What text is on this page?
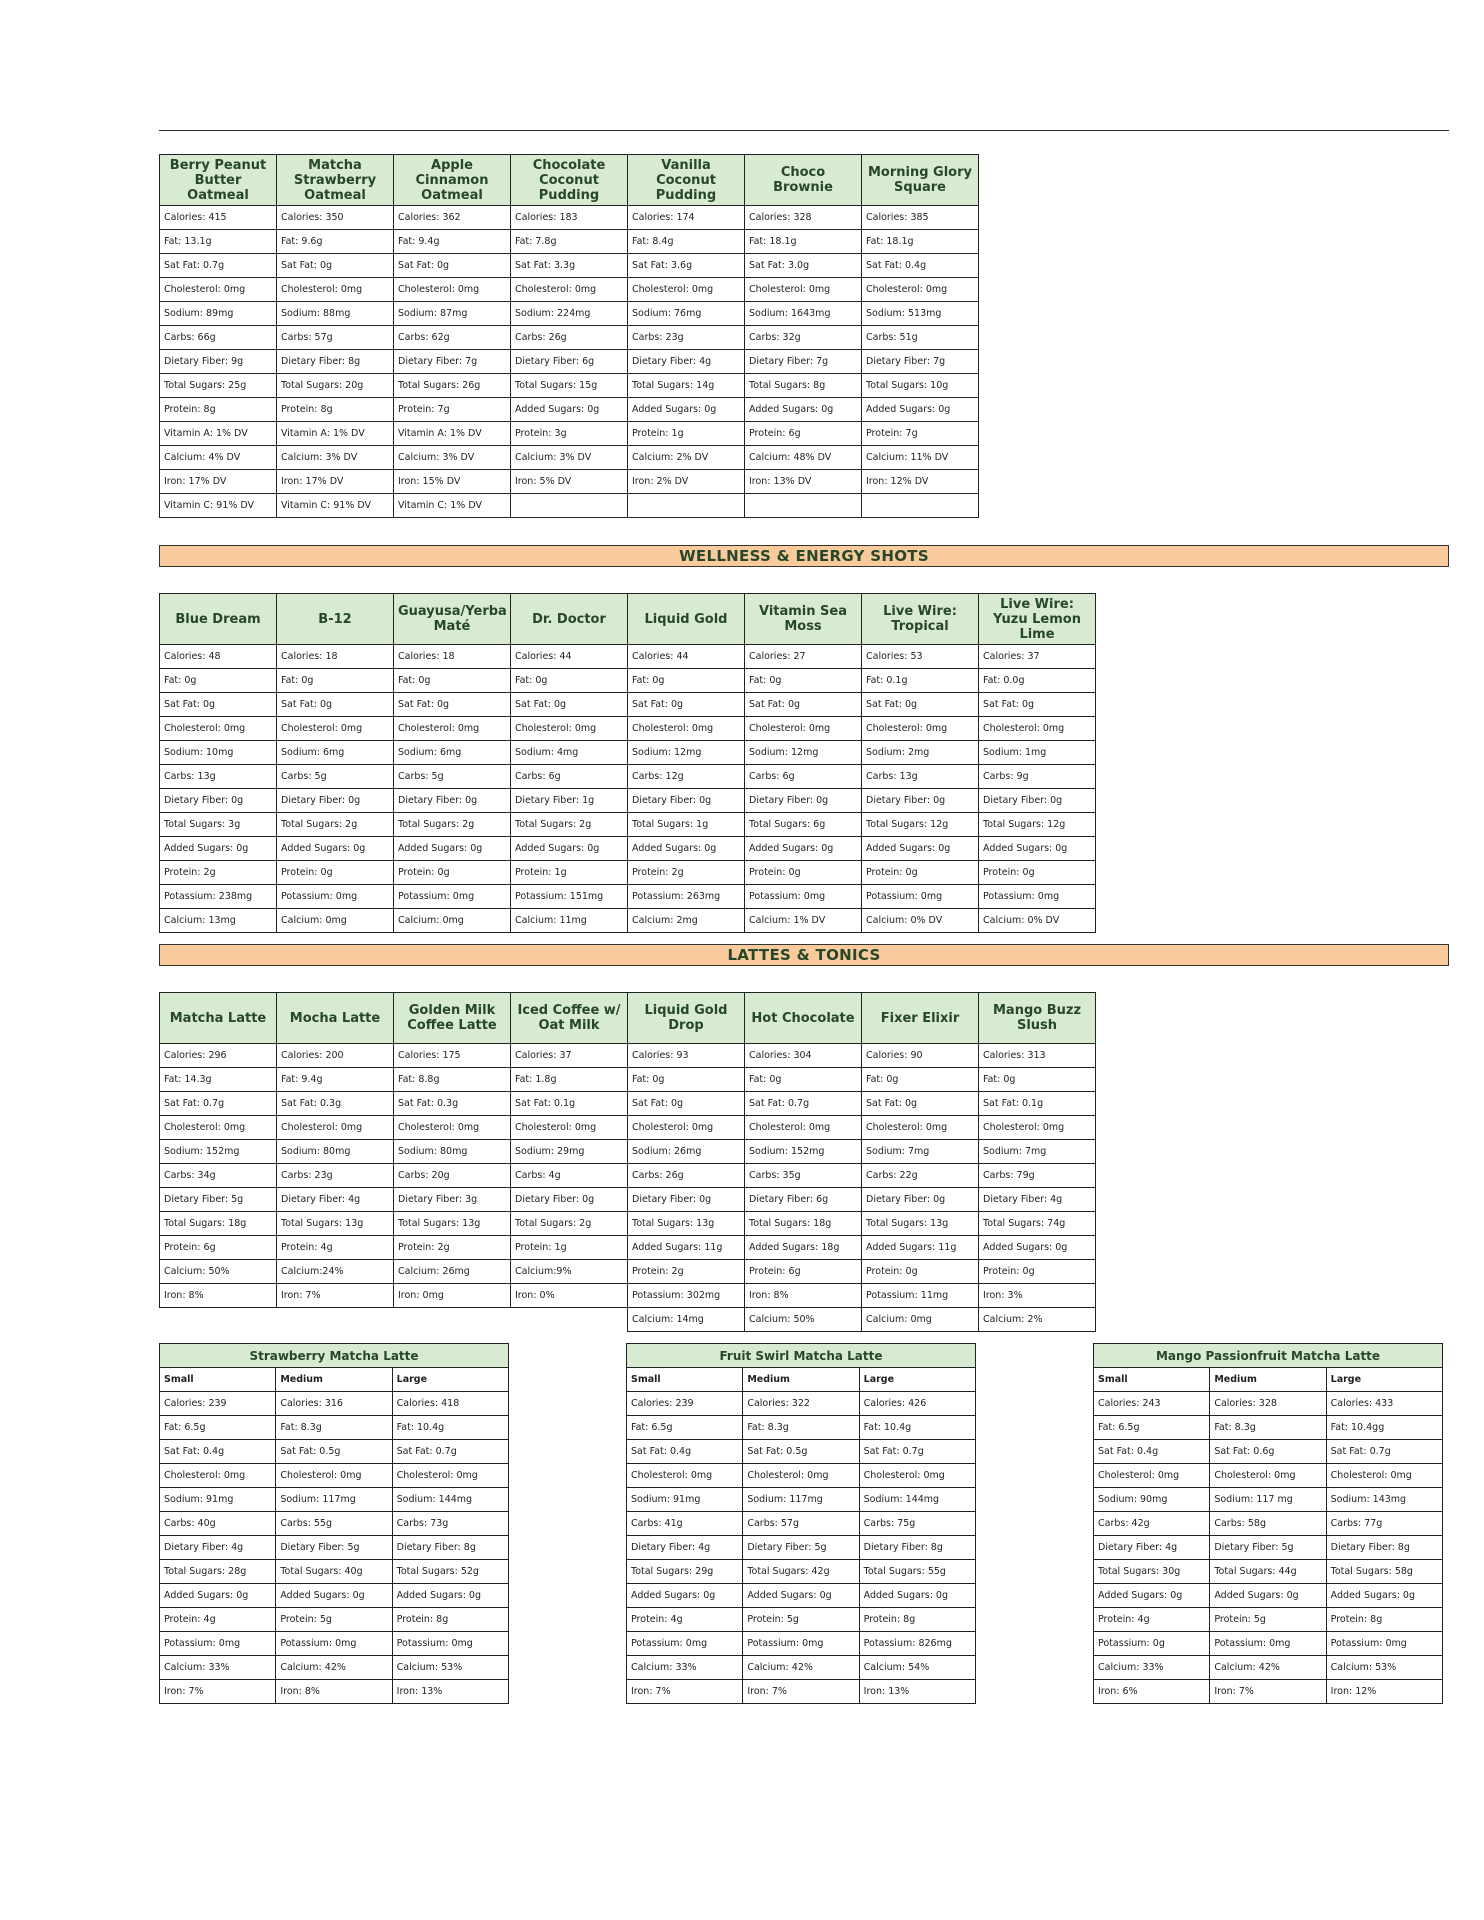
Berry Peanut Butter Oatmeal	Matcha Strawberry Oatmeal	Apple Cinnamon Oatmeal	Chocolate Coconut Pudding	Vanilla Coconut Pudding	Choco Brownie	Morning Glory Square
Calories: 415	Calories: 350	Calories: 362	Calories: 183	Calories: 174	Calories: 328	Calories: 385
Fat: 13.1g	Fat: 9.6g	Fat: 9.4g	Fat: 7.8g	Fat: 8.4g	Fat: 18.1g	Fat: 18.1g
Sat Fat: 0.7g	Sat Fat: 0g	Sat Fat: 0g	Sat Fat: 3.3g	Sat Fat: 3.6g	Sat Fat: 3.0g	Sat Fat: 0.4g
Cholesterol: 0mg	Cholesterol: 0mg	Cholesterol: 0mg	Cholesterol: 0mg	Cholesterol: 0mg	Cholesterol: 0mg	Cholesterol: 0mg
Sodium: 89mg	Sodium: 88mg	Sodium: 87mg	Sodium: 224mg	Sodium: 76mg	Sodium: 1643mg	Sodium: 513mg
Carbs: 66g	Carbs: 57g	Carbs: 62g	Carbs: 26g	Carbs: 23g	Carbs: 32g	Carbs: 51g
Dietary Fiber: 9g	Dietary Fiber: 8g	Dietary Fiber: 7g	Dietary Fiber: 6g	Dietary Fiber: 4g	Dietary Fiber: 7g	Dietary Fiber: 7g
Total Sugars: 25g	Total Sugars: 20g	Total Sugars: 26g	Total Sugars: 15g	Total Sugars: 14g	Total Sugars: 8g	Total Sugars: 10g
Protein: 8g	Protein: 8g	Protein: 7g	Added Sugars: 0g	Added Sugars: 0g	Added Sugars: 0g	Added Sugars: 0g
Vitamin A: 1% DV	Vitamin A: 1% DV	Vitamin A: 1% DV	Protein: 3g	Protein: 1g	Protein: 6g	Protein: 7g
Calcium: 4% DV	Calcium: 3% DV	Calcium: 3% DV	Calcium: 3% DV	Calcium: 2% DV	Calcium: 48% DV	Calcium: 11% DV
Iron: 17% DV	Iron: 17% DV	Iron: 15% DV	Iron: 5% DV	Iron: 2% DV	Iron: 13% DV	Iron: 12% DV
Vitamin C: 91% DV	Vitamin C: 91% DV	Vitamin C: 1% DV				
WELLNESS & ENERGY SHOTS
Blue Dream	B-12	Guayusa/Yerba Maté	Dr. Doctor	Liquid Gold	Vitamin Sea Moss	Live Wire: Tropical	Live Wire: Yuzu Lemon Lime
Calories: 48	Calories: 18	Calories: 18	Calories: 44	Calories: 44	Calories: 27	Calories: 53	Calories: 37
Fat: 0g	Fat: 0g	Fat: 0g	Fat: 0g	Fat: 0g	Fat: 0g	Fat: 0.1g	Fat: 0.0g
Sat Fat: 0g	Sat Fat: 0g	Sat Fat: 0g	Sat Fat: 0g	Sat Fat: 0g	Sat Fat: 0g	Sat Fat: 0g	Sat Fat: 0g
Cholesterol: 0mg	Cholesterol: 0mg	Cholesterol: 0mg	Cholesterol: 0mg	Cholesterol: 0mg	Cholesterol: 0mg	Cholesterol: 0mg	Cholesterol: 0mg
Sodium: 10mg	Sodium: 6mg	Sodium: 6mg	Sodium: 4mg	Sodium: 12mg	Sodium: 12mg	Sodium: 2mg	Sodium: 1mg
Carbs: 13g	Carbs: 5g	Carbs: 5g	Carbs: 6g	Carbs: 12g	Carbs: 6g	Carbs: 13g	Carbs: 9g
Dietary Fiber: 0g	Dietary Fiber: 0g	Dietary Fiber: 0g	Dietary Fiber: 1g	Dietary Fiber: 0g	Dietary Fiber: 0g	Dietary Fiber: 0g	Dietary Fiber: 0g
Total Sugars: 3g	Total Sugars: 2g	Total Sugars: 2g	Total Sugars: 2g	Total Sugars: 1g	Total Sugars: 6g	Total Sugars: 12g	Total Sugars: 12g
Added Sugars: 0g	Added Sugars: 0g	Added Sugars: 0g	Added Sugars: 0g	Added Sugars: 0g	Added Sugars: 0g	Added Sugars: 0g	Added Sugars: 0g
Protein: 2g	Protein: 0g	Protein: 0g	Protein: 1g	Protein: 2g	Protein: 0g	Protein: 0g	Protein: 0g
Potassium: 238mg	Potassium: 0mg	Potassium: 0mg	Potassium: 151mg	Potassium: 263mg	Potassium: 0mg	Potassium: 0mg	Potassium: 0mg
Calcium: 13mg	Calcium: 0mg	Calcium: 0mg	Calcium: 11mg	Calcium: 2mg	Calcium: 1% DV	Calcium: 0% DV	Calcium: 0% DV
LATTES & TONICS
Matcha Latte	Mocha Latte	Golden Milk Coffee Latte	Iced Coffee w/ Oat Milk	Liquid Gold Drop	Hot Chocolate	Fixer Elixir	Mango Buzz Slush
Calories: 296	Calories: 200	Calories: 175	Calories: 37	Calories: 93	Calories: 304	Calories: 90	Calories: 313
Fat: 14.3g	Fat: 9.4g	Fat: 8.8g	Fat: 1.8g	Fat: 0g	Fat: 0g	Fat: 0g	Fat: 0g
Sat Fat: 0.7g	Sat Fat: 0.3g	Sat Fat: 0.3g	Sat Fat: 0.1g	Sat Fat: 0g	Sat Fat: 0.7g	Sat Fat: 0g	Sat Fat: 0.1g
Cholesterol: 0mg	Cholesterol: 0mg	Cholesterol: 0mg	Cholesterol: 0mg	Cholesterol: 0mg	Cholesterol: 0mg	Cholesterol: 0mg	Cholesterol: 0mg
Sodium: 152mg	Sodium: 80mg	Sodium: 80mg	Sodium: 29mg	Sodium: 26mg	Sodium: 152mg	Sodium: 7mg	Sodium: 7mg
Carbs: 34g	Carbs: 23g	Carbs: 20g	Carbs: 4g	Carbs: 26g	Carbs: 35g	Carbs: 22g	Carbs: 79g
Dietary Fiber: 5g	Dietary Fiber: 4g	Dietary Fiber: 3g	Dietary Fiber: 0g	Dietary Fiber: 0g	Dietary Fiber: 6g	Dietary Fiber: 0g	Dietary Fiber: 4g
Total Sugars: 18g	Total Sugars: 13g	Total Sugars: 13g	Total Sugars: 2g	Total Sugars: 13g	Total Sugars: 18g	Total Sugars: 13g	Total Sugars: 74g
Protein: 6g	Protein: 4g	Protein: 2g	Protein: 1g	Added Sugars: 11g	Added Sugars: 18g	Added Sugars: 11g	Added Sugars: 0g
Calcium: 50%	Calcium:24%	Calcium: 26mg	Calcium:9%	Protein: 2g	Protein: 6g	Protein: 0g	Protein: 0g
Iron: 8%	Iron: 7%	Iron: 0mg	Iron: 0%	Potassium: 302mg	Iron: 8%	Potassium: 11mg	Iron: 3%
				Calcium: 14mg	Calcium: 50%	Calcium: 0mg	Calcium: 2%
Strawberry Matcha Latte		
Small	Medium	Large
Calories: 239	Calories: 316	Calories: 418
Fat: 6.5g	Fat: 8.3g	Fat: 10.4g
Sat Fat: 0.4g	Sat Fat: 0.5g	Sat Fat: 0.7g
Cholesterol: 0mg	Cholesterol: 0mg	Cholesterol: 0mg
Sodium: 91mg	Sodium: 117mg	Sodium: 144mg
Carbs: 40g	Carbs: 55g	Carbs: 73g
Dietary Fiber: 4g	Dietary Fiber: 5g	Dietary Fiber: 8g
Total Sugars: 28g	Total Sugars: 40g	Total Sugars: 52g
Added Sugars: 0g	Added Sugars: 0g	Added Sugars: 0g
Protein: 4g	Protein: 5g	Protein: 8g
Potassium: 0mg	Potassium: 0mg	Potassium: 0mg
Calcium: 33%	Calcium: 42%	Calcium: 53%
Iron: 7%	Iron: 8%	Iron: 13%
Fruit Swirl Matcha Latte		
Small	Medium	Large
Calories: 239	Calories: 322	Calories: 426
Fat: 6.5g	Fat: 8.3g	Fat: 10.4g
Sat Fat: 0.4g	Sat Fat: 0.5g	Sat Fat: 0.7g
Cholesterol: 0mg	Cholesterol: 0mg	Cholesterol: 0mg
Sodium: 91mg	Sodium: 117mg	Sodium: 144mg
Carbs: 41g	Carbs: 57g	Carbs: 75g
Dietary Fiber: 4g	Dietary Fiber: 5g	Dietary Fiber: 8g
Total Sugars: 29g	Total Sugars: 42g	Total Sugars: 55g
Added Sugars: 0g	Added Sugars: 0g	Added Sugars: 0g
Protein: 4g	Protein: 5g	Protein: 8g
Potassium: 0mg	Potassium: 0mg	Potassium: 826mg
Calcium: 33%	Calcium: 42%	Calcium: 54%
Iron: 7%	Iron: 7%	Iron: 13%
Mango Passionfruit Matcha Latte		
Small	Medium	Large
Calories: 243	Calories: 328	Calories: 433
Fat: 6.5g	Fat: 8.3g	Fat: 10.4gg
Sat Fat: 0.4g	Sat Fat: 0.6g	Sat Fat: 0.7g
Cholesterol: 0mg	Cholesterol: 0mg	Cholesterol: 0mg
Sodium: 90mg	Sodium: 117 mg	Sodium: 143mg
Carbs: 42g	Carbs: 58g	Carbs: 77g
Dietary Fiber: 4g	Dietary Fiber: 5g	Dietary Fiber: 8g
Total Sugars: 30g	Total Sugars: 44g	Total Sugars: 58g
Added Sugars: 0g	Added Sugars: 0g	Added Sugars: 0g
Protein: 4g	Protein: 5g	Protein: 8g
Potassium: 0g	Potassium: 0mg	Potassium: 0mg
Calcium: 33%	Calcium: 42%	Calcium: 53%
Iron: 6%	Iron: 7%	Iron: 12%
